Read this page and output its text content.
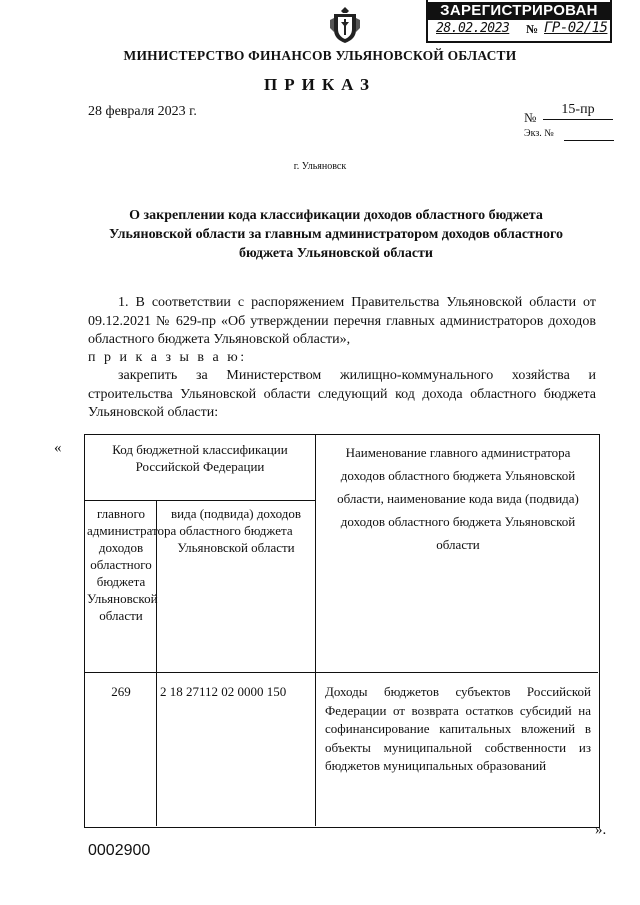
ЗАРЕГИСТРИРОВАН
28.02.2023 № ГР-02/15
МИНИСТЕРСТВО ФИНАНСОВ УЛЬЯНОВСКОЙ ОБЛАСТИ
ПРИКАЗ
28 февраля 2023 г.	№
15-пр
Экз. №
г. Ульяновск
О закреплении кода классификации доходов областного бюджета Ульяновской области за главным администратором доходов областного бюджета Ульяновской области
1. В соответствии с распоряжением Правительства Ульяновской области от 09.12.2021 № 629-пр «Об утверждении перечня главных администраторов доходов областного бюджета Ульяновской области»,
п р и к а з ы в а ю:
закрепить за Министерством жилищно-коммунального хозяйства и строительства Ульяновской области следующий код дохода областного бюджета Ульяновской области:
«
».
Код бюджетной классификации Российской Федерации
главного администратора доходов областного бюджета Ульяновской области
вида (подвида) доходов областного бюджета Ульяновской области
Наименование главного администратора доходов областного бюджета Ульяновской области, наименование кода вида (подвида) доходов областного бюджета Ульяновской области
269	2 18 27112 02 0000 150	Доходы бюджетов субъектов Российской Федерации от возврата остатков субсидий на софинансирование капитальных вложений в объекты муниципальной собственности из бюджетов муниципальных образований
0002900
